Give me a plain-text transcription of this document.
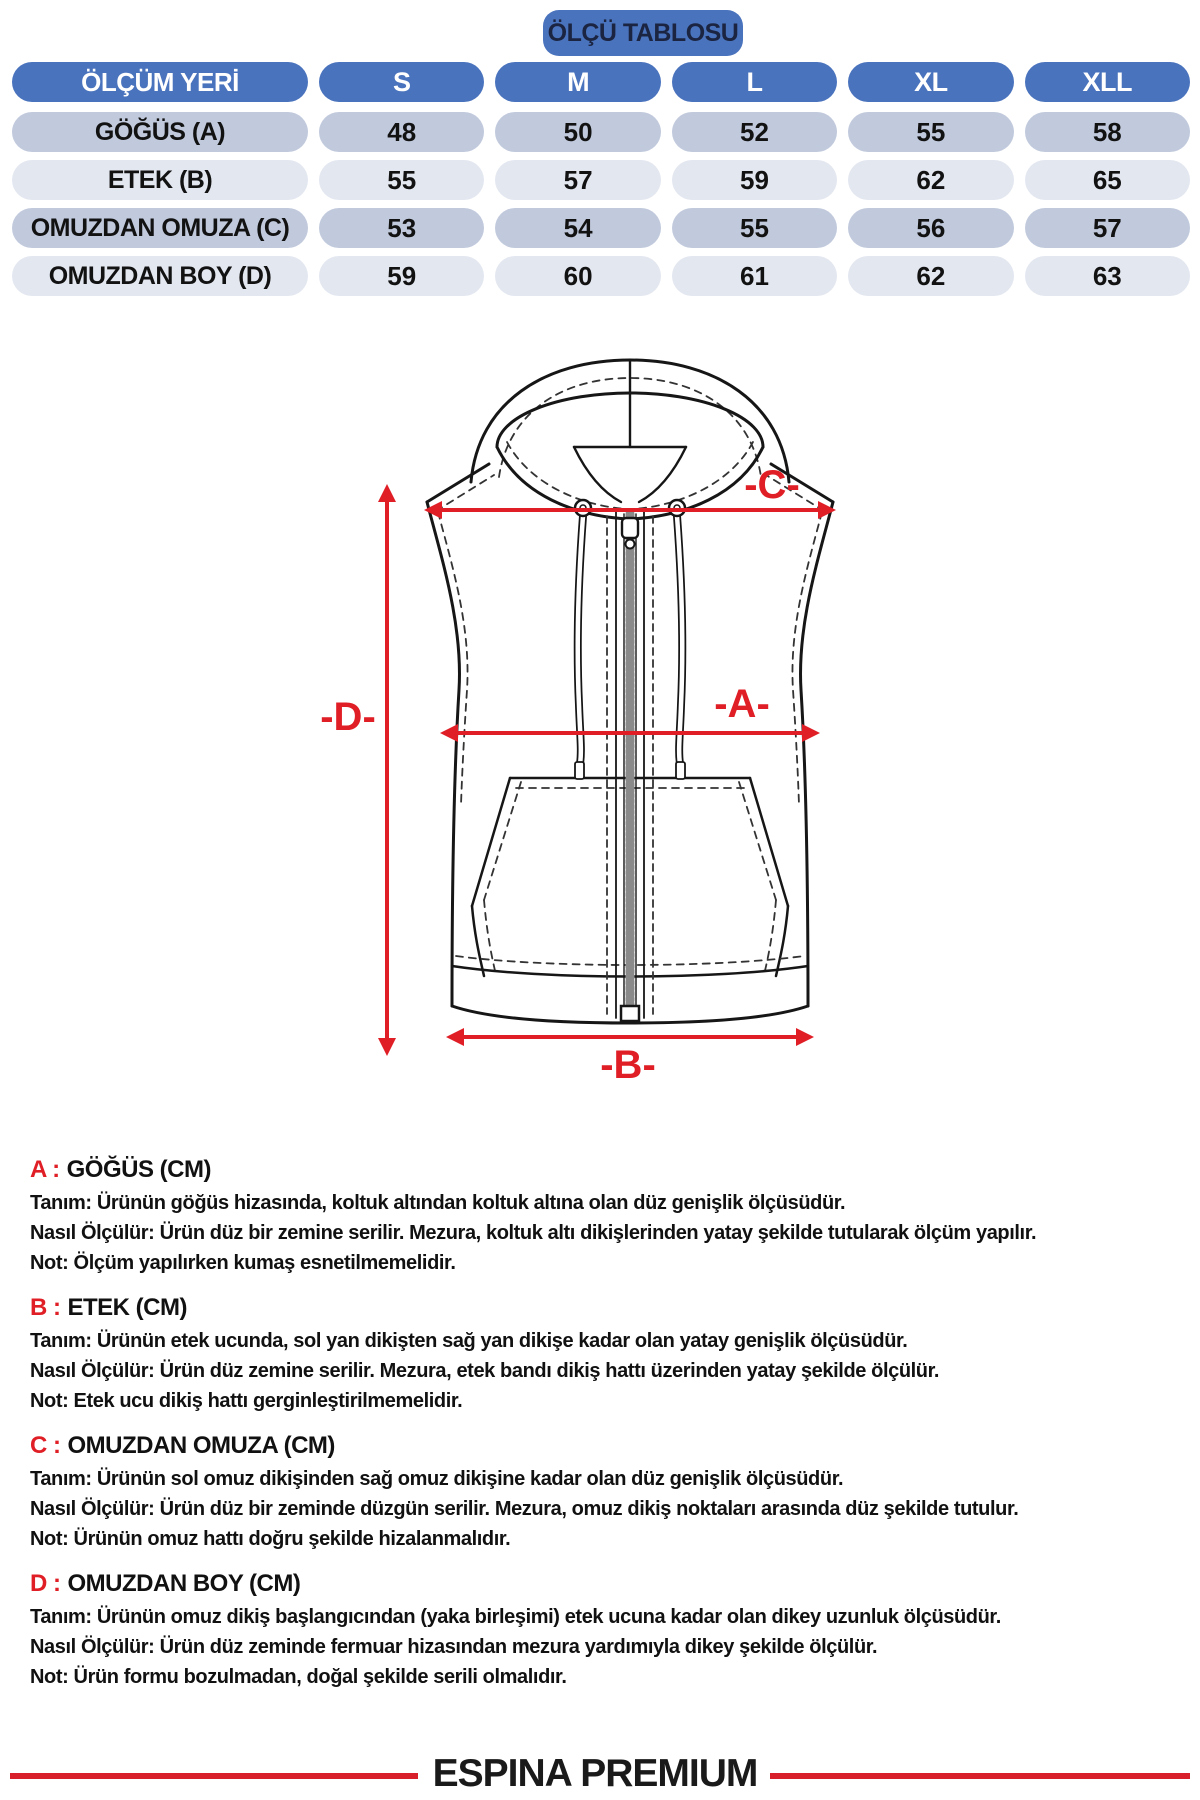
ÖLÇÜ TABLOSU
ÖLÇÜM YERİ	S	M	L	XL	XLL
GÖĞÜS (A)	48	50	52	55	58
ETEK (B)	55	57	59	62	65
OMUZDAN OMUZA (C)	53	54	55	56	57
OMUZDAN BOY (D)	59	60	61	62	63
-C-
-A-
-D-
-B-
A : GÖĞÜS (CM)
Tanım: Ürünün göğüs hizasında, koltuk altından koltuk altına olan düz genişlik ölçüsüdür.
Nasıl Ölçülür: Ürün düz bir zemine serilir. Mezura, koltuk altı dikişlerinden yatay şekilde tutularak ölçüm yapılır.
Not: Ölçüm yapılırken kumaş esnetilmemelidir.
B : ETEK (CM)
Tanım: Ürünün etek ucunda, sol yan dikişten sağ yan dikişe kadar olan yatay genişlik ölçüsüdür.
Nasıl Ölçülür: Ürün düz zemine serilir. Mezura, etek bandı dikiş hattı üzerinden yatay şekilde ölçülür.
Not: Etek ucu dikiş hattı gerginleştirilmemelidir.
C : OMUZDAN OMUZA (CM)
Tanım: Ürünün sol omuz dikişinden sağ omuz dikişine kadar olan düz genişlik ölçüsüdür.
Nasıl Ölçülür: Ürün düz bir zeminde düzgün serilir. Mezura, omuz dikiş noktaları arasında düz şekilde tutulur.
Not: Ürünün omuz hattı doğru şekilde hizalanmalıdır.
D : OMUZDAN BOY (CM)
Tanım: Ürünün omuz dikiş başlangıcından (yaka birleşimi) etek ucuna kadar olan dikey uzunluk ölçüsüdür.
Nasıl Ölçülür: Ürün düz zeminde fermuar hizasından mezura yardımıyla dikey şekilde ölçülür.
Not: Ürün formu bozulmadan, doğal şekilde serili olmalıdır.
ESPINA PREMIUM
